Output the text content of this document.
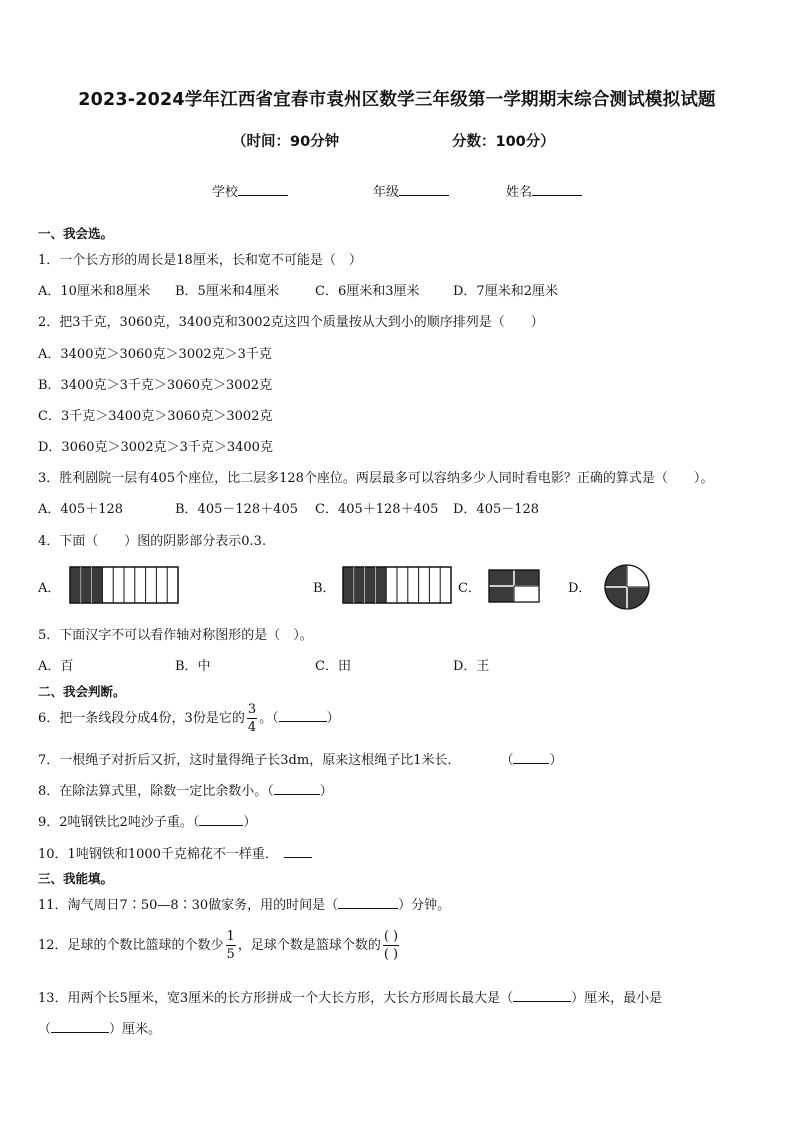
2023-2024学年江西省宜春市袁州区数学三年级第一学期期末综合测试模拟试题
（时间：90分钟	分数：100分）
学校	年级	姓名
一、我会选。
1．一个长方形的周长是18厘米，长和宽不可能是（　）
A．10厘米和8厘米 B．5厘米和4厘米	C．6厘米和3厘米	D．7厘米和2厘米
2．把3千克，3060克，3400克和3002克这四个质量按从大到小的顺序排列是（　　）
A．3400克＞3060克＞3002克＞3千克
B．3400克＞3千克＞3060克＞3002克
C．3千克＞3400克＞3060克＞3002克
D．3060克＞3002克＞3千克＞3400克
3．胜利剧院一层有405个座位，比二层多128个座位。两层最多可以容纳多少人同时看电影？正确的算式是（　　）。
A．405＋128	B．405－128＋405 C．405＋128＋405 D．405－128
4．下面（　　）图的阴影部分表示0.3.
A．	B．	C．	D．
5．下面汉字不可以看作轴对称图形的是（　）。
A．百	B．中	C．田	D．王
二、我会判断。
6．把一条线段分成4份，3份是它的 $\frac{3}{4}$ 。（	）
7．一根绳子对折后又折，这时量得绳子长3dm，原来这根绳子比1米长．	（	）
8．在除法算式里，除数一定比余数小。（	）
9．2吨钢铁比2吨沙子重。（	）
10．1吨钢铁和1000千克棉花不一样重．
三、我能填。
11．淘气周日7∶50—8∶30做家务，用的时间是（	）分钟。
12．足球的个数比篮球的个数少 $\frac{1}{5}$ ，足球个数是篮球个数的 $\frac{( )}{( )}$
13．用两个长5厘米，宽3厘米的长方形拼成一个大长方形，大长方形周长最大是（	）厘米，最小是
（	）厘米。
